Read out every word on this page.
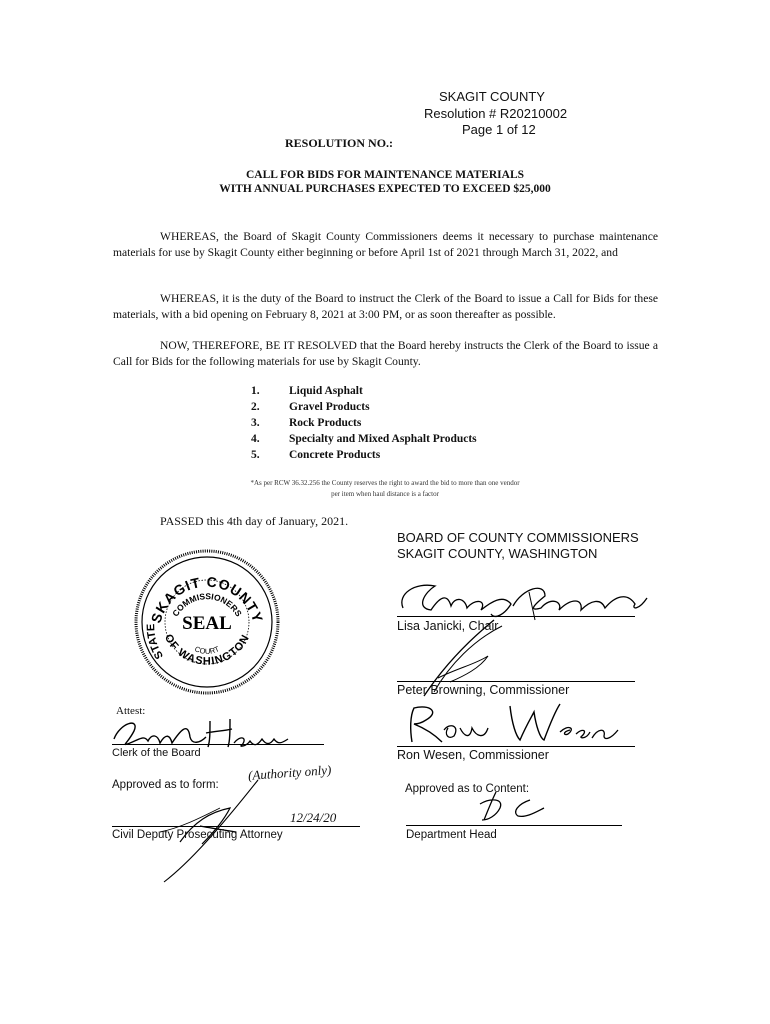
SKAGIT COUNTY
Resolution # R20210002
Page 1 of 12
RESOLUTION NO.:
CALL FOR BIDS FOR MAINTENANCE MATERIALS
WITH ANNUAL PURCHASES EXPECTED TO EXCEED $25,000
WHEREAS, the Board of Skagit County Commissioners deems it necessary to purchase maintenance materials for use by Skagit County either beginning or before April 1st of 2021 through March 31, 2022, and
WHEREAS, it is the duty of the Board to instruct the Clerk of the Board to issue a Call for Bids for these materials, with a bid opening on February 8, 2021 at 3:00 PM, or as soon thereafter as possible.
NOW, THEREFORE, BE IT RESOLVED that the Board hereby instructs the Clerk of the Board to issue a Call for Bids for the following materials for use by Skagit County.
1.	Liquid Asphalt
2.	Gravel Products
3.	Rock Products
4.	Specialty and Mixed Asphalt Products
5.	Concrete Products
*As per RCW 36.32.256 the County reserves the right to award the bid to more than one vendor
per item when haul distance is a factor
PASSED this 4th day of January, 2021.
BOARD OF COUNTY COMMISSIONERS
SKAGIT COUNTY, WASHINGTON
SKAGIT COUNTY
COMMISSIONERS
OF WASHINGTON
COURT
STATE	SEAL	Lisa Janicki, Chair
Peter Browning, Commissioner
Ron Wesen, Commissioner
Attest:
Clerk of the Board
Approved as to form:
(Authority only)
12/24/20
Civil Deputy Prosecuting Attorney
Approved as to Content:
Department Head
